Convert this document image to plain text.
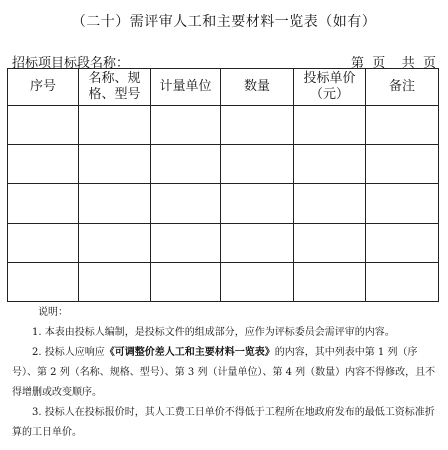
（二十）需评审人工和主要材料一览表（如有）
招标项目标段名称：	第  页    共  页
序号	名称、规格、型号	计量单位	数量	投标单价（元）	备注

说明：
1. 本表由投标人编制，是投标文件的组成部分，应作为评标委员会需评审的内容。
2. 投标人应响应《可调整价差人工和主要材料一览表》的内容，其中列表中第 1 列（序号）、第 2 列（名称、规格、型号）、第 3 列（计量单位）、第 4 列（数量）内容不得修改，且不得增删或改变顺序。
3. 投标人在投标报价时，其人工费工日单价不得低于工程所在地政府发布的最低工资标准折算的工日单价。
